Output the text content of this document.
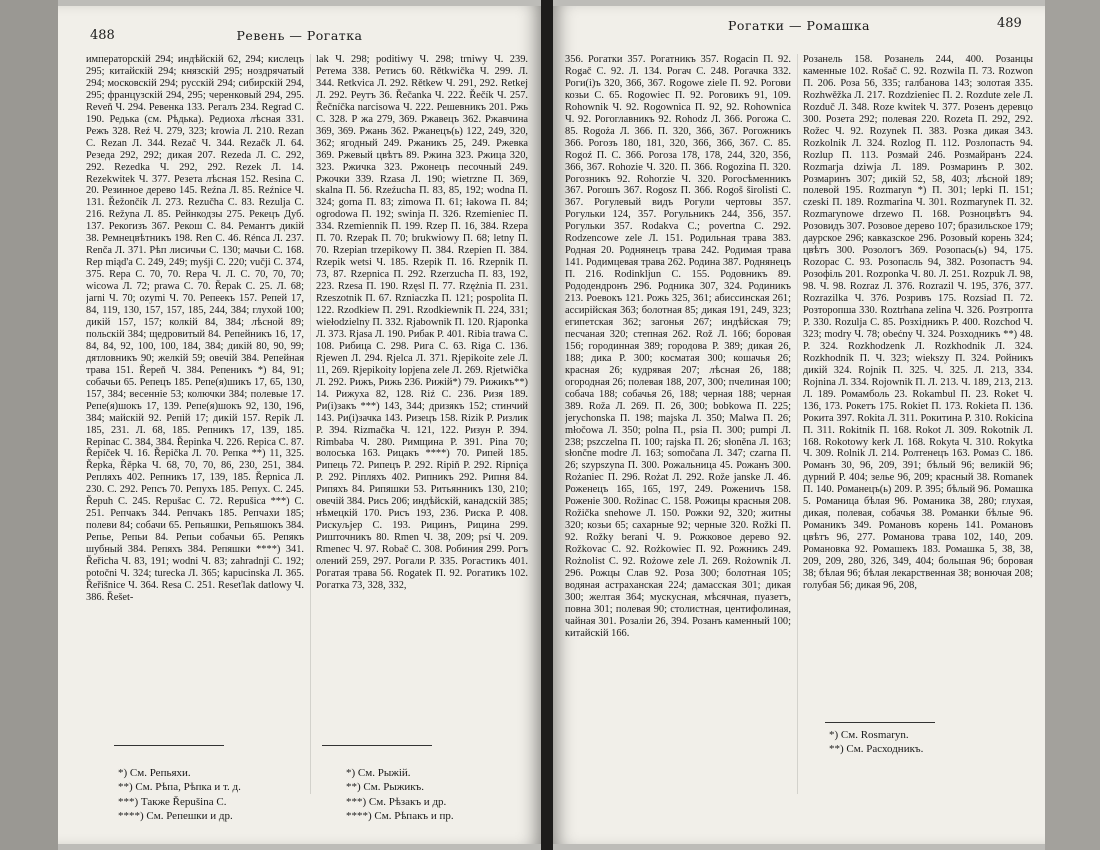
488	Ревень — Рогатка

императорскій 294; индѣйскій 62, 294; кислецъ 295; китайскій 294; князскій 295; ноздрячатый 294; московскій 294; русскій 294; сибирскій 294, 295; французскій 294, 295; черенковый 294, 295. Reveň Ч. 294. Ревенка 133. Регалъ 234. Regrad С. 190. Редька (см. Рѣдька). Редиоха лѣсная 331. Режъ 328. Reź Ч. 279, 323; krowia Л. 210. Rezan С. Rezan Л. 344. Rezač Ч. 344. Rezačk Л. 64. Резеда 292, 292; дикая 207. Rezeda Л. С. 292, 292. Rezedka Ч. 292, 292. Rezek Л. 14. Rezekwitek Ч. 377. Резета лѣсная 152. Resina С. 20. Резинное дерево 145. Reźna Л. 85. Reźnice Ч. 131. Řežončík Л. 273. Rezučha С. 83. Rezulja С. 216. Režyna Л. 85. Рейнкодзы 275. Рекецъ Дуб. 137. Рекоrизъ 367. Рекош С. 84. Ремантъ дикій 38. Ремнецвѣтникъ 198. Ren С. 46. Rénca Л. 237. Renča Л. 371. Рѣп лисичьи С. 130; мачьи С. 168. Rep miąd'a С. 249, 249; myśji С. 220; vučji С. 374, 375. Repa С. 70, 70. Repa Ч. Л. С. 70, 70, 70; wicowa Л. 72; prawa С. 70. Řepak С. 25. Л. 68; jarni Ч. 70; ozymi Ч. 70. Репеекъ 157. Репей 17, 84, 119, 130, 157, 157, 185, 244, 384; глухой 100; дикій 157, 157; колкій 84, 384; лѣсной 89; польскій 384; щедровитый 84. Репейникъ 16, 17, 84, 84, 92, 100, 100, 184, 384; дикій 80, 90, 99; дятловникъ 90; желкій 59; овечій 384. Репейная трава 151. Řepeň Ч. 384. Репеникъ *) 84, 91; собачьи 65. Репецъ 185. Репе(я)шикъ 17, 65, 130, 157, 384; весенніе 53; колючки 384; полевые 17. Репе(я)шокъ 17, 139. Репе(я)шокъ 92, 130, 196, 384; майскій 92. Репій 17; дикій 157. Repik Л. 185, 231. Л. 68, 185. Репникъ 17, 139, 185. Repinac С. 384, 384. Řepinka Ч. 226. Repica С. 87. Řepíček Ч. 16. Řepička Л. 70. Репка **) 11, 325. Řepka, Řěpka Ч. 68, 70, 70, 86, 230, 251, 384. Репляхъ 402. Репникъ 17, 139, 185. Řepnica Л. 230. С. 292. Репсъ 70. Репухъ 185. Репух. С. 245. Řepuh С. 245. Repušac С. 72. Repušica ***) С. 251. Репчакъ 344. Репчакъ 185. Репчахи 185; полеви 84; собачи 65. Репьяшки, Репьяшокъ 384. Репье, Репьи 84. Репьи собачьи 65. Репякъ шубный 384. Репяхъ 384. Репяшки ****) 341. Řeřicha Ч. 83, 191; wodni Ч. 83; zahradnji С. 192; potočni Ч. 324; turecka Л. 365; kapucinska Л. 365. Řeřišnice Ч. 364. Resa С. 251. Reseťlak datlowy Ч. 386. Řešet-

lak Ч. 298; poditiwy Ч. 298; trniwy Ч. 239. Ретема 338. Ретисъ 60. Rětkwička Ч. 299. Л. 344. Retkvica Л. 292. Rětkew Ч. 291, 292. Retkej Л. 292. Реутъ 36. Řečanka Ч. 222. Řečík Ч. 257. Řečníčka narcisowa Ч. 222. Решевникъ 201. Ржь С. 328. Р жа 279, 369. Ржавецъ 362. Ржавчина 369, 369. Ржань 362. Ржанецъ(ь) 122, 249, 320, 362; ягодный 249. Ржаникъ 25, 249. Ржевка 369. Ржевый цвѣтъ 89. Ржина 323. Ржица 320, 323. Ржичка 323. Ржонецъ песочный 249. Ржочки 339. Rzasa Л. 190; wietrzne П. 369, skalna П. 56. Rzeźucha П. 83, 85, 192; wodna П. 324; gorna П. 83; zimowa П. 61; łakowa П. 84; ogrodowa П. 192; swinja П. 326. Rzemieniec П. 334. Rzemiennik П. 199. Rzep П. 16, 384. Rzepa П. 70. Rzepak П. 70; brukwiowy П. 68; letny П. 70. Rzepian trzepikowy П. 384. Rzepien П. 384. Rzepik wetsi Ч. 185. Rzepik П. 16. Rzepnik П. 73, 87. Rzepnica П. 292. Rzerzucha П. 83, 192, 223. Rzesa П. 190. Rzęsl П. 77. Rzężnia П. 231. Rzeszotnik П. 67. Rzniaczka П. 121; pospolita П. 122. Rzodkiew П. 291. Rzodkiewnik П. 224, 331; wiełodzielny П. 332. Rjabownik П. 120. Rjaponka Л. 373. Rjasa Л. 190. Рибак Р. 401. Ribia trawa С. 108. Рибица С. 298. Рига С. 63. Riga С. 136. Rjewen Л. 294. Rjelca Л. 371. Rjepikoite zele Л. 11, 269. Rjepikoity lopjena zele Л. 269. Rjetwička Л. 292. Рижъ, Рижь 236. Рижій*) 79. Рижикъ**) 14. Рижуха 82, 128. Riź С. 236. Ризя 189. Ри(і)закъ ***) 143, 344; дризякъ 152; стинчий 143. Ри(і)зачка 143. Ризецъ 158. Rizik Р. Ризлик Р. 394. Rizmačka Ч. 121, 122. Ризун Р. 394. Rimbaba Ч. 280. Римщина Р. 391. Рina 70; волоська 163. Рицакъ ****) 70. Рипей 185. Рипець 72. Рипецъ Р. 292. Ripiň Р. 292. Ripniça Р. 292. Ріпляхъ 402. Рипникъ 292. Рипня 84. Рипяхъ 84. Рипяшки 53. Ритьянникъ 130, 210; овечій 384. Рись 206; индѣйскій, канадскій 385; нѣмецкій 170. Рисъ 193, 236. Риска Р. 408. Рискуљјер С. 193. Рицинъ, Рицина 299. Ришточникъ 80. Rmen Ч. 38, 209; psí Ч. 209. Rmenec Ч. 97. Robač С. 308. Робиния 299. Рогъ олений 259, 297. Рогали Р. 335. Рогастикъ 401. Рогатая трава 56. Rogatek П. 92. Рогатикъ 102. Рогатка 73, 328, 332,

*) См. Репьяхи.
**) См. Рѣпа, Рѣпка и т. д.
***) Также Řepušina С.
****) См. Репешки и др.
*) См. Рыжій.
**) См. Рыжикъ.
***) См. Рѣзакъ и др.
****) См. Рѣпакъ и пр.
489
Рогатки — Ромашка

356. Рогатки 357. Рогатникъ 357. Rogacin П. 92. Rogač С. 92. Л. 134. Рогач С. 248. Рогачка 332. Роги(і)ъ 320, 366, 367. Rogowe ziele П. 92. Рогови козьи С. 65. Rogowiec П. 92. Роговикъ 91, 109. Rohownik Ч. 92. Rogownica П. 92, 92. Rohownica Ч. 92. Рогоглавникъ 92. Rohodz Л. 366. Рогожа С. 85. Rogoża Л. 366. П. 320, 366, 367. Рогожникъ 366. Рогозъ 180, 181, 320, 366, 366, 367. С. 85. Rogoź П. С. 366. Рогоза 178, 178, 244, 320, 356, 366, 367. Rohozie Ч. 320. П. 366. Rogozina П. 320. Рогозникъ 92. Rohorzie Ч. 320. Рогосѣменникъ 367. Рогошъ 367. Rogosz П. 366. Rogoš širolisti С. 367. Рогулевый видъ Рогули чертовы 357. Рогульки 124, 357. Рогульникъ 244, 356, 357. Рогульки 357. Rodakva С.; povertna С. 292. Rodzencowe zele Л. 151. Родильная трава 383. Родная 20. Роднянецъ трава 242. Родимая трава 141. Родимцевая трава 262. Родина 387. Роднянецъ П. 216. Rodinkljun С. 155. Родовникъ 89. Рододендронъ 296. Родника 307, 324. Родиникъ 213. Роевокъ 121. Рожь 325, 361; абиссинская 261; ассирійская 363; болотная 85; дикая 191, 249, 323; египетская 362; загонья 267; индѣйская 79; песчаная 320; степная 262. Rož Л. 166; боровая 156; городинная 389; городова Р. 389; дикая 26, 188; дика Р. 300; косматая 300; кошачья 26; красная 26; кудрявая 207; лѣсная 26, 188; огородная 26; полевая 188, 207, 300; пчелиная 100; собача 188; собачья 26, 188; черная 188; черная 389. Roža Л. 269. П. 26, 300; bobkowa П. 225; jerychonska П. 198; majska Л. 350; Malwa П. 26; młočowa Л. 350; polna П., psia П. 300; pumpi Л. 238; pszczelna П. 100; rajska П. 26; słoněna Л. 163; słončne modre Л. 163; somočana Л. 347; czarna П. 26; szypszyna П. 300. Рожальница 45. Рожанъ 300. Rożaniec П. 296. Rożat Л. 292. Rože janske Л. 46. Роженецъ 165, 165, 197, 249. Роженичъ 158. Роженіе 300. Rožinac С. 158. Рожицы красныя 208. Rožička snehowe Л. 150. Рожки 92, 320; житны 320; козьи 65; сахарные 92; черные 320. Rožki П. 92. Rožky berani Ч. 9. Рожковое дерево 92. Rožkovac С. 92. Rożkowiec П. 92. Рожникъ 249. Rożnolist С. 92. Rożowe zele Л. 269. Rożownik Л. 296. Рожцы Слав 92. Роза 300; болотная 105; водяная астраханская 224; дамасская 301; дикая 300; желтая 364; мускусная, мѣсячная, пуазетъ, повна 301; полевая 90; столистная, центифолиная, чайная 301. Розаліи 26, 394. Розанъ каменный 100; китайскій 166.

Розанель 158. Розанель 244, 400. Розанцы каменные 102. Rošač С. 92. Rozwila П. 73. Rozwon П. 206. Роза 56, 335; галбанова 143; золотая 335. Rozhwěžka Л. 217. Rozdzieniec П. 2. Rozdute zele Л. Rozduč Л. 348. Roze kwitek Ч. 377. Розенъ деревцо 300. Розета 292; полевая 220. Rozeta П. 292, 292. Rožec Ч. 92. Rozynek П. 383. Розка дикая 343. Rozkolnik Л. 324. Rozlog П. 112. Розлопасть 94. Rozlup П. 113. Розмай 246. Розмайранъ 224. Rozmarja dziwja Л. 189. Розмаринъ Р. 302. Розмаринъ 307; дикій 52, 58, 403; лѣсной 189; полевой 195. Rozmaryn *) П. 301; lepki П. 151; czeski П. 189. Rozmarina Ч. 301. Rozmarynek П. 32. Rozmarynowe drzewo П. 168. Розноцвѣтъ 94. Розовидъ 307. Розовое дерево 107; бразильское 179; даурское 296; кавказское 296. Розовый корень 324; цвѣтъ 300. Розологъ 369. Розопась(ь) 94, 175. Rozopac С. 93. Розопасль 94, 382. Розопастъ 94. Розофіль 201. Rozponka Ч. 80. Л. 251. Rozpuk Л. 98, 98. Ч. 98. Rozraz Л. 376. Rozrazil Ч. 195, 376, 377. Rozrazilka Ч. 376. Розривъ 175. Rozsiad П. 72. Розторопша 330. Roztrhana zelina Ч. 326. Розтропта Р. 330. Rozulja С. 85. Розхідникъ Р. 400. Rozchod Ч. 323; modry Ч. 78; obećny Ч. 324. Розходникъ **) 48. Р. 324. Rozkhodzenk Л. Rozkhodnik Л. 324. Rozkhodník П. Ч. 323; wiekszy П. 324. Ройникъ дикій 324. Rojnik П. 325. Ч. 325. Л. 213, 334. Rojnina Л. 334. Rojownik П. Л. 213. Ч. 189, 213, 213. Л. 189. Ромамболь 23. Rokambul П. 23. Roket Ч. 136, 173. Рокетъ 175. Rokiet П. 173. Rokieta П. 136. Рокита 397. Rokita Л. 311. Рокитина Р. 310. Rokicina П. 311. Rokitnik П. 168. Rokot Л. 309. Rokotnik Л. 168. Rokotowy kerk Л. 168. Rokyta Ч. 310. Rokytka Ч. 309. Rolnik Л. 214. Ролтенецъ 163. Ромаз С. 186. Романъ 30, 96, 209, 391; бѣлый 96; великій 96; дурний Р. 404; зелье 96, 209; красный 38. Romanek П. 140. Романецъ(ь) 209. Р. 395; бѣлый 96. Ромашка 5. Романица бѣлая 96. Романика 38, 280; глухая, дикая, полевая, собачья 38. Романки бѣлые 96. Романикъ 349. Романовъ корень 141. Романовъ цвѣтъ 96, 277. Романова трава 102, 140, 209. Романовка 92. Ромашекъ 183. Ромашка 5, 38, 38, 209, 209, 280, 326, 349, 404; большая 96; боровая 38; бѣлая 96; бѣлая лекарственная 38; вонючая 208; голубая 56; дикая 96, 208,

*) См. Rosmaryn.
**) См. Расходникъ.
